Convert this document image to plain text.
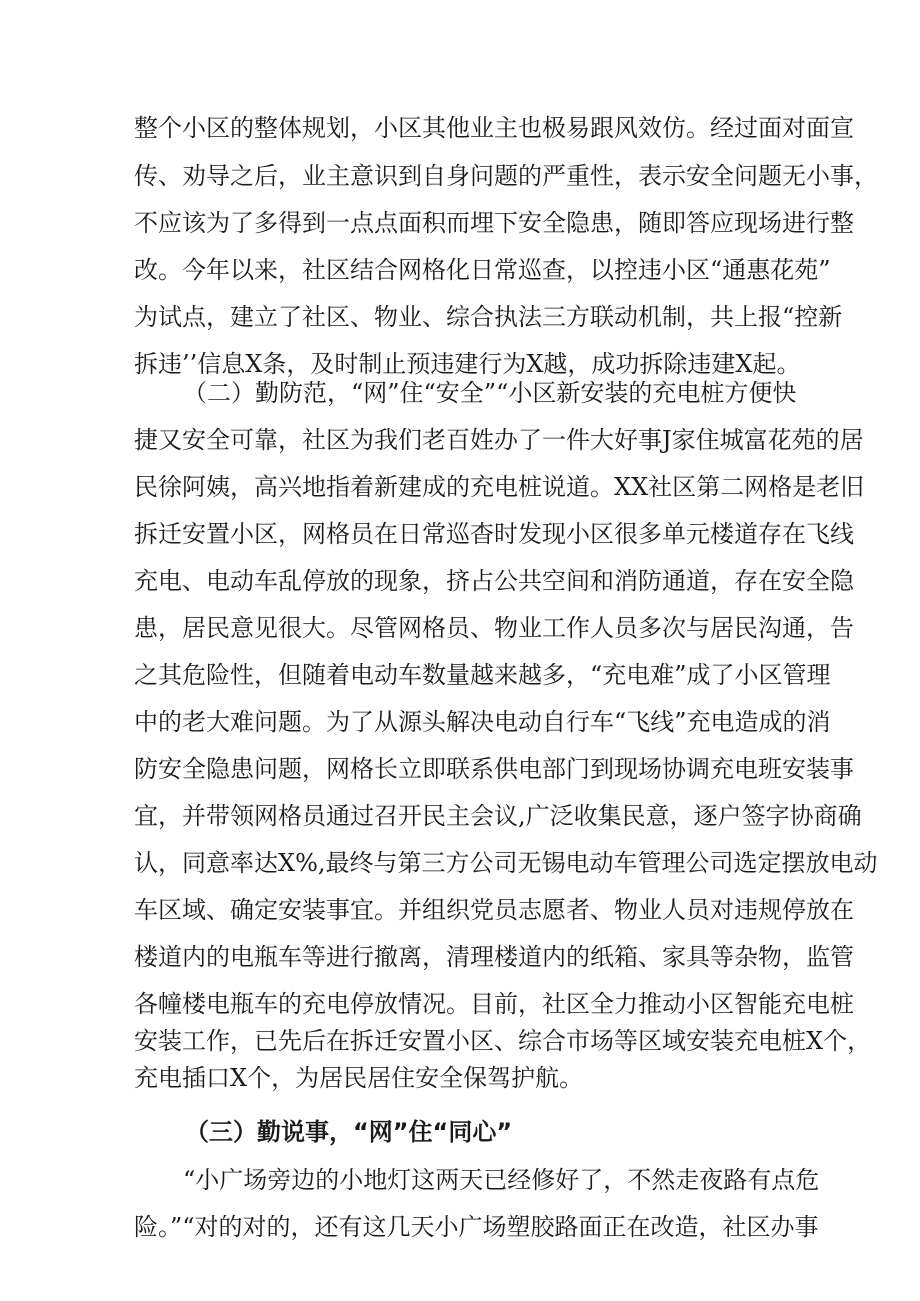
整个小区的整体规划，小区其他业主也极易跟风效仿。经过面对面宣
传、劝导之后，业主意识到自身问题的严重性，表示安全问题无小事，
不应该为了多得到一点点面积而埋下安全隐患，随即答应现场进行整
改。今年以来，社区结合网格化日常巡查，以控违小区“通惠花苑”
为试点，建立了社区、物业、综合执法三方联动机制，共上报“控新
拆违’’信息X条，及时制止预违建行为X越，成功拆除违建X起。
（二）勤防范，“网”住“安全”“小区新安装的充电桩方便快
捷又安全可靠，社区为我们老百姓办了一件大好事J家住城富花苑的居
民徐阿姨，高兴地指着新建成的充电桩说道。XX社区第二网格是老旧
拆迁安置小区，网格员在日常巡杳时发现小区很多单元楼道存在飞线
充电、电动车乱停放的现象，挤占公共空间和消防通道，存在安全隐
患，居民意见很大。尽管网格员、物业工作人员多次与居民沟通，告
之其危险性，但随着电动车数量越来越多，“充电难”成了小区管理
中的老大难问题。为了从源头解决电动自行车“飞线”充电造成的消
防安全隐患问题，网格长立即联系供电部门到现场协调充电班安装事
宜，并带领网格员通过召开民主会议,广泛收集民意，逐户签字协商确
认，同意率达X%,最终与第三方公司无锡电动车管理公司选定摆放电动
车区域、确定安装事宜。并组织党员志愿者、物业人员对违规停放在
楼道内的电瓶车等进行撤离，清理楼道内的纸箱、家具等杂物，监管
各幢楼电瓶车的充电停放情况。目前，社区全力推动小区智能充电桩
安装工作，已先后在拆迁安置小区、综合市场等区域安装充电桩X个，
充电插口X个，为居民居住安全保驾护航。
（三）勤说事，“网”住“同心”
“小广场旁边的小地灯这两天已经修好了，不然走夜路有点危
险。”“对的对的，还有这几天小广场塑胶路面正在改造，社区办事
